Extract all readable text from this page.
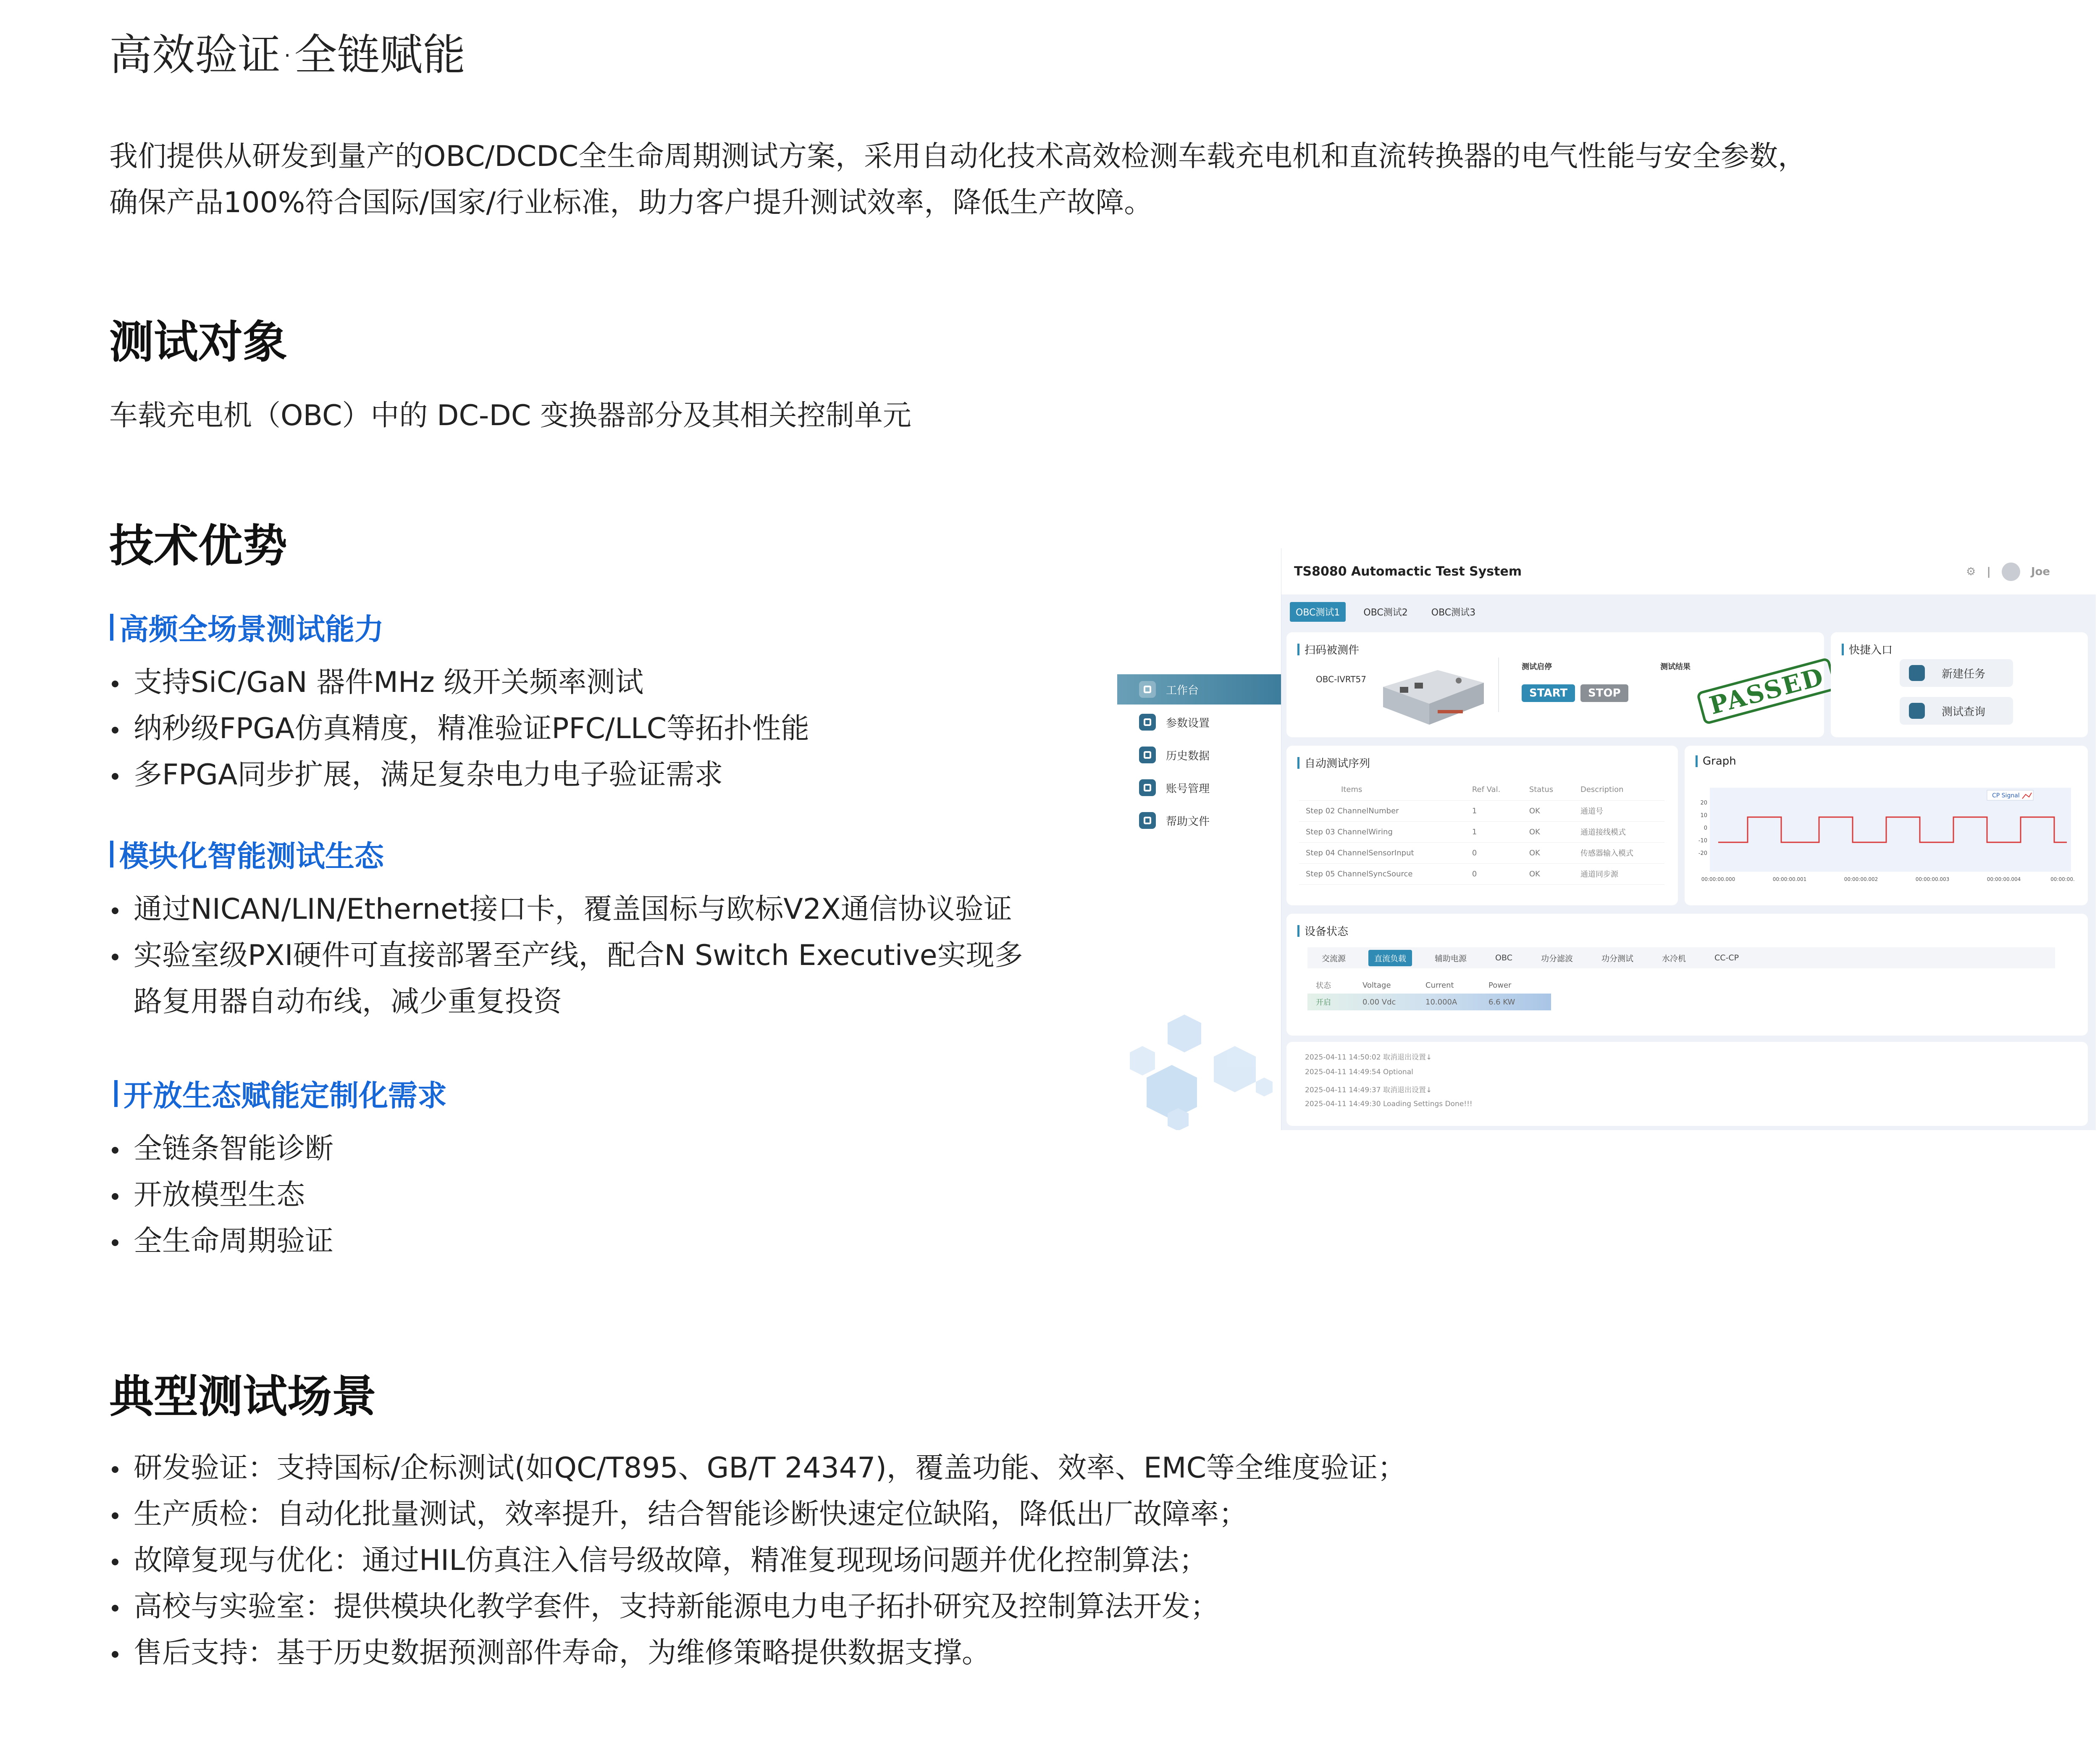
高效验证·全链赋能
我们提供从研发到量产的OBC/DCDC全生命周期测试方案，采用自动化技术高效检测车载充电机和直流转换器的电气性能与安全参数，
确保产品100%符合国际/国家/行业标准，助力客户提升测试效率，降低生产故障。
测试对象
车载充电机（OBC）中的 DC-DC 变换器部分及其相关控制单元
技术优势
高频全场景测试能力
支持SiC/GaN 器件MHz 级开关频率测试
纳秒级FPGA仿真精度，精准验证PFC/LLC等拓扑性能
多FPGA同步扩展，满足复杂电力电子验证需求
模块化智能测试生态
通过NICAN/LIN/Ethernet接口卡，覆盖国标与欧标V2X通信协议验证
实验室级PXI硬件可直接部署至产线，配合N Switch Executive实现多
路复用器自动布线，减少重复投资
开放生态赋能定制化需求
全链条智能诊断
开放模型生态
全生命周期验证
典型测试场景
研发验证：支持国标/企标测试(如QC/T895、GB/T 24347)，覆盖功能、效率、EMC等全维度验证；
生产质检：自动化批量测试，效率提升，结合智能诊断快速定位缺陷，降低出厂故障率；
故障复现与优化：通过HIL仿真注入信号级故障，精准复现现场问题并优化控制算法；
高校与实验室：提供模块化教学套件，支持新能源电力电子拓扑研究及控制算法开发；
售后支持：基于历史数据预测部件寿命，为维修策略提供数据支撑。
工作台
参数设置
历史数据
账号管理
帮助文件
TS8080 Automactic Test System	⚙ |	Joe
OBC测试1	OBC测试2	OBC测试3
扫码被测件
OBC-IVRT57
测试启停
START	STOP
测试结果 PASSED
快捷入口
新建任务
测试查询
自动测试序列
Items	Ref Val.	Status	Description
Step 02 ChannelNumber	1	OK	通道号
Step 03 ChannelWiring	1	OK	通道接线模式
Step 04 ChannelSensorInput	0	OK	传感器输入模式
Step 05 ChannelSyncSource	0	OK	通道同步源
Graph
CP Signal
20
10
0
-10
-20
00:00:00.000	00:00:00.001	00:00:00.002	00:00:00.003	00:00:00.004	00:00:00.
设备状态
交流源	直流负载	辅助电源	OBC	功分滤波	功分测试	水冷机	CC-CP
状态	Voltage	Current	Power
开启	0.00 Vdc	10.000A	6.6 KW
2025-04-11 14:50:02 取消退出设置↓
2025-04-11 14:49:54 Optional
2025-04-11 14:49:37 取消退出设置↓
2025-04-11 14:49:30 Loading Settings Done!!!
